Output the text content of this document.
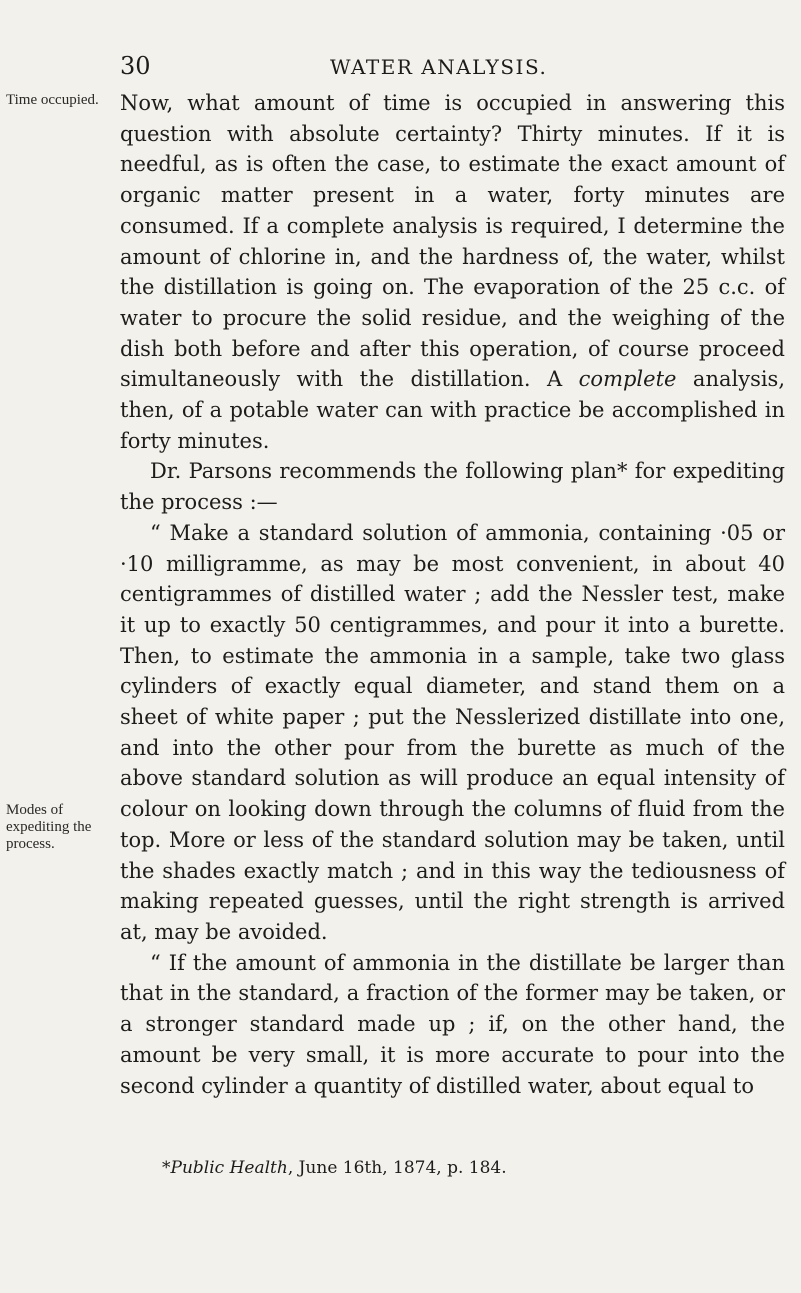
30	WATER ANALYSIS.
Time occupied.
Modes of expediting the process.

Now, what amount of time is occupied in answering this question with absolute certainty? Thirty minutes. If it is needful, as is often the case, to estimate the exact amount of organic matter present in a water, forty minutes are consumed. If a complete analysis is required, I determine the amount of chlorine in, and the hardness of, the water, whilst the distillation is going on. The evaporation of the 25 c.c. of water to procure the solid residue, and the weighing of the dish both before and after this operation, of course proceed simultaneously with the distillation. A complete analysis, then, of a potable water can with practice be accomplished in forty minutes.

Dr. Parsons recommends the following plan* for expediting the process :—

“ Make a standard solution of ammonia, containing ·05 or ·10 milligramme, as may be most convenient, in about 40 centigrammes of distilled water ; add the Nessler test, make it up to exactly 50 centigrammes, and pour it into a burette. Then, to estimate the ammonia in a sample, take two glass cylinders of exactly equal diameter, and stand them on a sheet of white paper ; put the Nesslerized distillate into one, and into the other pour from the burette as much of the above standard solution as will produce an equal intensity of colour on looking down through the columns of fluid from the top. More or less of the standard solution may be taken, until the shades exactly match ; and in this way the tediousness of making repeated guesses, until the right strength is arrived at, may be avoided.

“ If the amount of ammonia in the distillate be larger than that in the standard, a fraction of the former may be taken, or a stronger standard made up ; if, on the other hand, the amount be very small, it is more accurate to pour into the second cylinder a quantity of distilled water, about equal to

*Public Health, June 16th, 1874, p. 184.
